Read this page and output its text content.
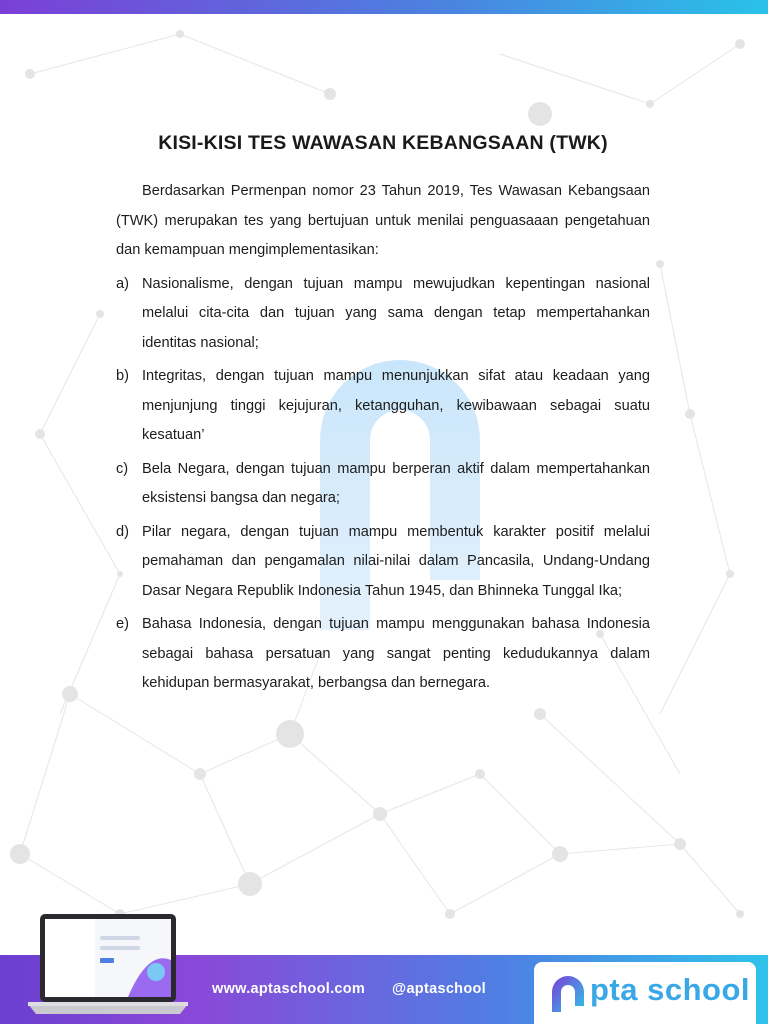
KISI-KISI TES WAWASAN KEBANGSAAN (TWK)

Berdasarkan Permenpan nomor 23 Tahun 2019, Tes Wawasan Kebangsaan (TWK) merupakan tes yang bertujuan untuk menilai penguasaaan pengetahuan dan kemampuan mengimplementasikan:

a) Nasionalisme, dengan tujuan mampu mewujudkan kepentingan nasional melalui cita-cita dan tujuan yang sama dengan tetap mempertahankan identitas nasional;
b) Integritas, dengan tujuan mampu menunjukkan sifat atau keadaan yang menjunjung tinggi kejujuran, ketangguhan, kewibawaan sebagai suatu kesatuan’
c) Bela Negara, dengan tujuan mampu berperan aktif dalam mempertahankan eksistensi bangsa dan negara;
d) Pilar negara, dengan tujuan mampu membentuk karakter positif melalui pemahaman dan pengamalan nilai-nilai dalam Pancasila, Undang-Undang Dasar Negara Republik Indonesia Tahun 1945, dan Bhinneka Tunggal Ika;
e) Bahasa Indonesia, dengan tujuan mampu menggunakan bahasa Indonesia sebagai bahasa persatuan yang sangat penting kedudukannya dalam kehidupan bermasyarakat, berbangsa dan bernegara.
www.aptaschool.com @aptaschool	pta school
